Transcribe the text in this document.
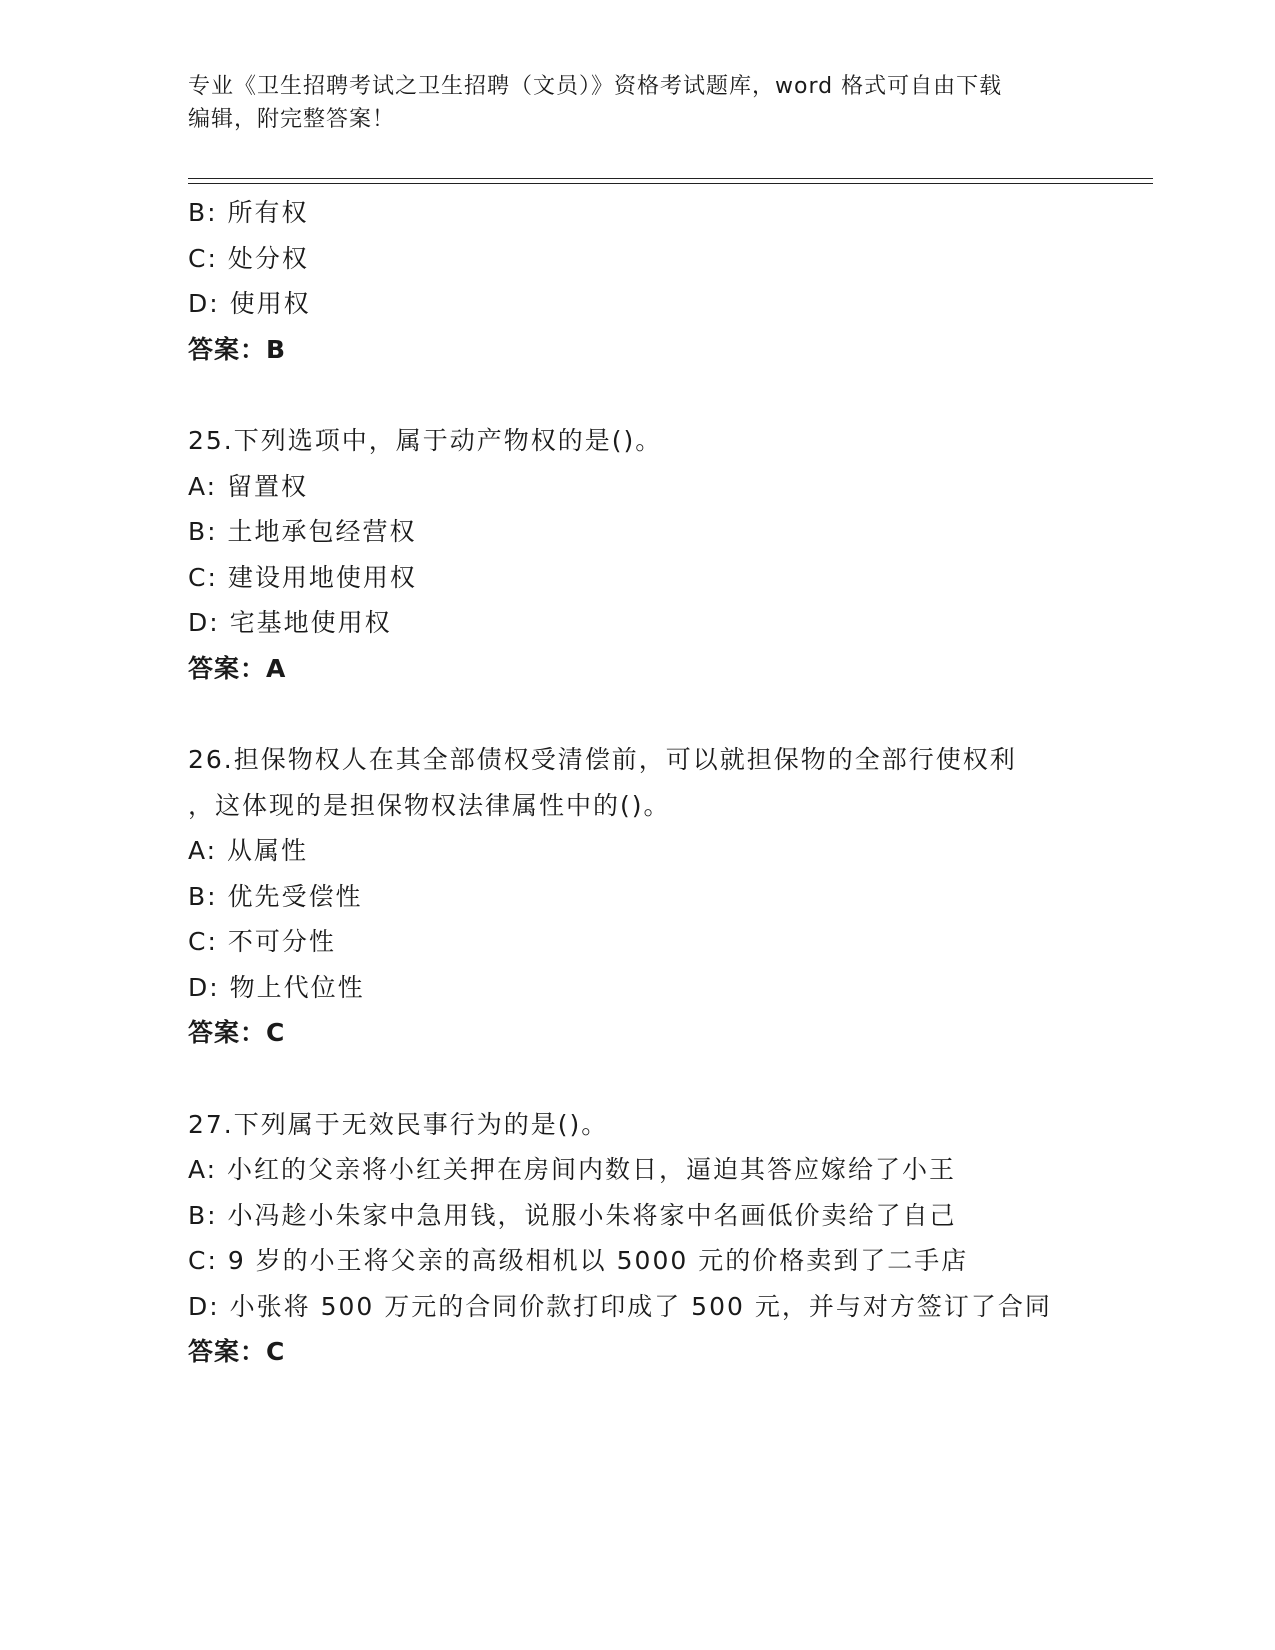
专业《卫生招聘考试之卫生招聘（文员）》资格考试题库，word 格式可自由下载
编辑，附完整答案！
B: 所有权
C: 处分权
D: 使用权
答案：B
25.下列选项中，属于动产物权的是()。
A: 留置权
B: 土地承包经营权
C: 建设用地使用权
D: 宅基地使用权
答案：A
26.担保物权人在其全部债权受清偿前，可以就担保物的全部行使权利
，这体现的是担保物权法律属性中的()。
A: 从属性
B: 优先受偿性
C: 不可分性
D: 物上代位性
答案：C
27.下列属于无效民事行为的是()。
A: 小红的父亲将小红关押在房间内数日，逼迫其答应嫁给了小王
B: 小冯趁小朱家中急用钱，说服小朱将家中名画低价卖给了自己
C: 9 岁的小王将父亲的高级相机以 5000 元的价格卖到了二手店
D: 小张将 500 万元的合同价款打印成了 500 元，并与对方签订了合同
答案：C
